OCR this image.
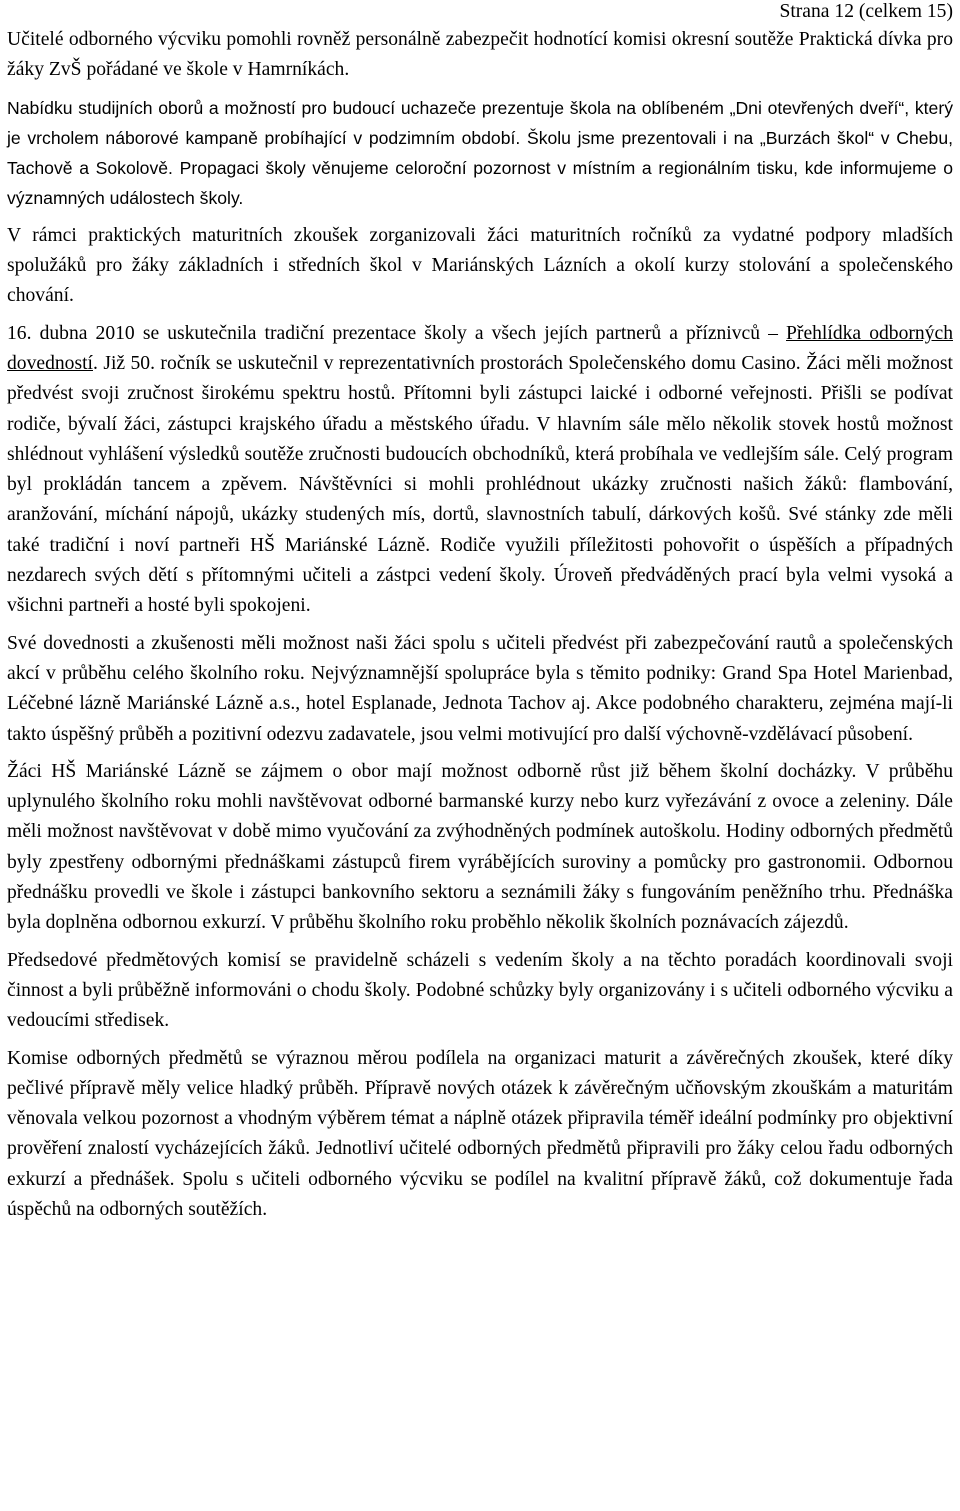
Strana 12 (celkem 15)

Učitelé odborného výcviku pomohli rovněž personálně zabezpečit hodnotící komisi okresní soutěže Praktická dívka pro žáky ZvŠ pořádané ve škole v Hamrníkách.

Nabídku studijních oborů a možností pro budoucí uchazeče prezentuje škola na oblíbeném „Dni otevřených dveří“, který je vrcholem náborové kampaně probíhající v podzimním období. Školu jsme prezentovali i na „Burzách škol“ v Chebu, Tachově a Sokolově. Propagaci školy věnujeme celoroční pozornost v místním a regionálním tisku, kde informujeme o významných událostech školy.

V rámci praktických maturitních zkoušek zorganizovali žáci maturitních ročníků za vydatné podpory mladších spolužáků pro žáky základních i středních škol v Mariánských Lázních a okolí kurzy stolování a společenského chování.

16. dubna 2010 se uskutečnila tradiční prezentace školy a všech jejích partnerů a příznivců – Přehlídka odborných dovedností. Již 50. ročník se uskutečnil v reprezentativních prostorách Společenského domu Casino. Žáci měli možnost předvést svoji zručnost širokému spektru hostů. Přítomni byli zástupci laické i odborné veřejnosti. Přišli se podívat rodiče, bývalí žáci, zástupci krajského úřadu a městského úřadu. V hlavním sále mělo několik stovek hostů možnost shlédnout vyhlášení výsledků soutěže zručnosti budoucích obchodníků, která probíhala ve vedlejším sále. Celý program byl prokládán tancem a zpěvem. Návštěvníci si mohli prohlédnout ukázky zručnosti našich žáků: flambování, aranžování, míchání nápojů, ukázky studených mís, dortů, slavnostních tabulí, dárkových košů. Své stánky zde měli také tradiční i noví partneři HŠ Mariánské Lázně. Rodiče využili příležitosti pohovořit o úspěších a případných nezdarech svých dětí s přítomnými učiteli a zástpci vedení školy. Úroveň předváděných prací byla velmi vysoká a všichni partneři a hosté byli spokojeni.

Své dovednosti a zkušenosti měli možnost naši žáci spolu s učiteli předvést při zabezpečování rautů a společenských akcí v průběhu celého školního roku. Nejvýznamnější spolupráce byla s těmito podniky: Grand Spa Hotel Marienbad, Léčebné lázně Mariánské Lázně a.s., hotel Esplanade, Jednota Tachov aj. Akce podobného charakteru, zejména mají-li takto úspěšný průběh a pozitivní odezvu zadavatele, jsou velmi motivující pro další výchovně-vzdělávací působení.

Žáci HŠ Mariánské Lázně se zájmem o obor mají možnost odborně růst již během školní docházky. V průběhu uplynulého školního roku mohli navštěvovat odborné barmanské kurzy nebo kurz vyřezávání z ovoce a zeleniny. Dále měli možnost navštěvovat v době mimo vyučování za zvýhodněných podmínek autoškolu. Hodiny odborných předmětů byly zpestřeny odbornými přednáškami zástupců firem vyrábějících suroviny a pomůcky pro gastronomii. Odbornou přednášku provedli ve škole i zástupci bankovního sektoru a seznámili žáky s fungováním peněžního trhu. Přednáška byla doplněna odbornou exkurzí. V průběhu školního roku proběhlo několik školních poznávacích zájezdů.

Předsedové předmětových komisí se pravidelně scházeli s vedením školy a na těchto poradách koordinovali svoji činnost a byli průběžně informováni o chodu školy. Podobné schůzky byly organizovány i s učiteli odborného výcviku a vedoucími středisek.

Komise odborných předmětů se výraznou měrou podílela na organizaci maturit a závěrečných zkoušek, které díky pečlivé přípravě měly velice hladký průběh. Přípravě nových otázek k závěrečným učňovským zkouškám a maturitám věnovala velkou pozornost a vhodným výběrem témat a náplně otázek připravila téměř ideální podmínky pro objektivní prověření znalostí vycházejících žáků. Jednotliví učitelé odborných předmětů připravili pro žáky celou řadu odborných exkurzí a přednášek. Spolu s učiteli odborného výcviku se podílel na kvalitní přípravě žáků, což dokumentuje řada úspěchů na odborných soutěžích.
